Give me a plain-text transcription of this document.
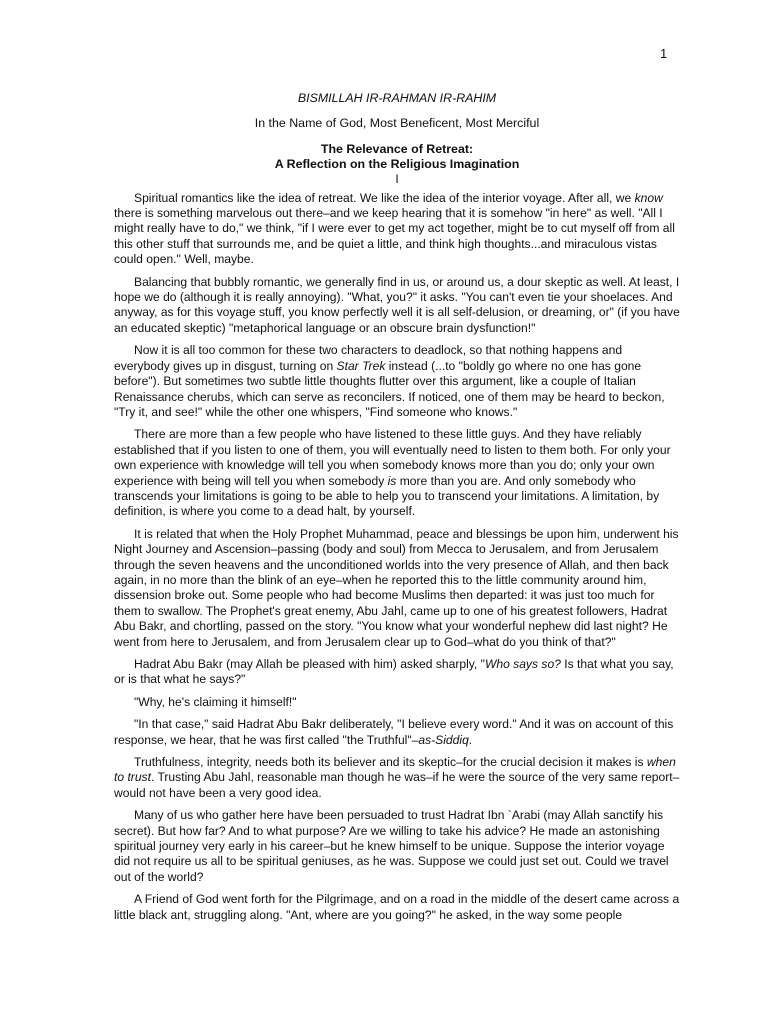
1
BISMILLAH IR-RAHMAN IR-RAHIM
In the Name of God, Most Beneficent, Most Merciful
The Relevance of Retreat:
A Reflection on the Religious Imagination
I

Spiritual romantics like the idea of retreat. We like the idea of the interior voyage. After all, we know there is something marvelous out there–and we keep hearing that it is somehow "in here" as well. "All I might really have to do," we think, "if I were ever to get my act together, might be to cut myself off from all this other stuff that surrounds me, and be quiet a little, and think high thoughts...and miraculous vistas could open." Well, maybe.

Balancing that bubbly romantic, we generally find in us, or around us, a dour skeptic as well. At least, I hope we do (although it is really annoying). "What, you?" it asks. "You can't even tie your shoelaces. And anyway, as for this voyage stuff, you know perfectly well it is all self-delusion, or dreaming, or" (if you have an educated skeptic) "metaphorical language or an obscure brain dysfunction!"

Now it is all too common for these two characters to deadlock, so that nothing happens and everybody gives up in disgust, turning on Star Trek instead (...to "boldly go where no one has gone before"). But sometimes two subtle little thoughts flutter over this argument, like a couple of Italian Renaissance cherubs, which can serve as reconcilers. If noticed, one of them may be heard to beckon, "Try it, and see!" while the other one whispers, "Find someone who knows."

There are more than a few people who have listened to these little guys. And they have reliably established that if you listen to one of them, you will eventually need to listen to them both. For only your own experience with knowledge will tell you when somebody knows more than you do; only your own experience with being will tell you when somebody is more than you are. And only somebody who transcends your limitations is going to be able to help you to transcend your limitations. A limitation, by definition, is where you come to a dead halt, by yourself.

It is related that when the Holy Prophet Muhammad, peace and blessings be upon him, underwent his Night Journey and Ascension–passing (body and soul) from Mecca to Jerusalem, and from Jerusalem through the seven heavens and the unconditioned worlds into the very presence of Allah, and then back again, in no more than the blink of an eye–when he reported this to the little community around him, dissension broke out. Some people who had become Muslims then departed: it was just too much for them to swallow. The Prophet's great enemy, Abu Jahl, came up to one of his greatest followers, Hadrat Abu Bakr, and chortling, passed on the story. "You know what your wonderful nephew did last night? He went from here to Jerusalem, and from Jerusalem clear up to God–what do you think of that?"

Hadrat Abu Bakr (may Allah be pleased with him) asked sharply, "Who says so? Is that what you say, or is that what he says?"

"Why, he's claiming it himself!"

"In that case," said Hadrat Abu Bakr deliberately, "I believe every word." And it was on account of this response, we hear, that he was first called "the Truthful"–as-Siddiq.

Truthfulness, integrity, needs both its believer and its skeptic–for the crucial decision it makes is when to trust. Trusting Abu Jahl, reasonable man though he was–if he were the source of the very same report–would not have been a very good idea.

Many of us who gather here have been persuaded to trust Hadrat Ibn `Arabi (may Allah sanctify his secret). But how far? And to what purpose? Are we willing to take his advice? He made an astonishing spiritual journey very early in his career–but he knew himself to be unique. Suppose the interior voyage did not require us all to be spiritual geniuses, as he was. Suppose we could just set out. Could we travel out of the world?

A Friend of God went forth for the Pilgrimage, and on a road in the middle of the desert came across a little black ant, struggling along. "Ant, where are you going?" he asked, in the way some people
